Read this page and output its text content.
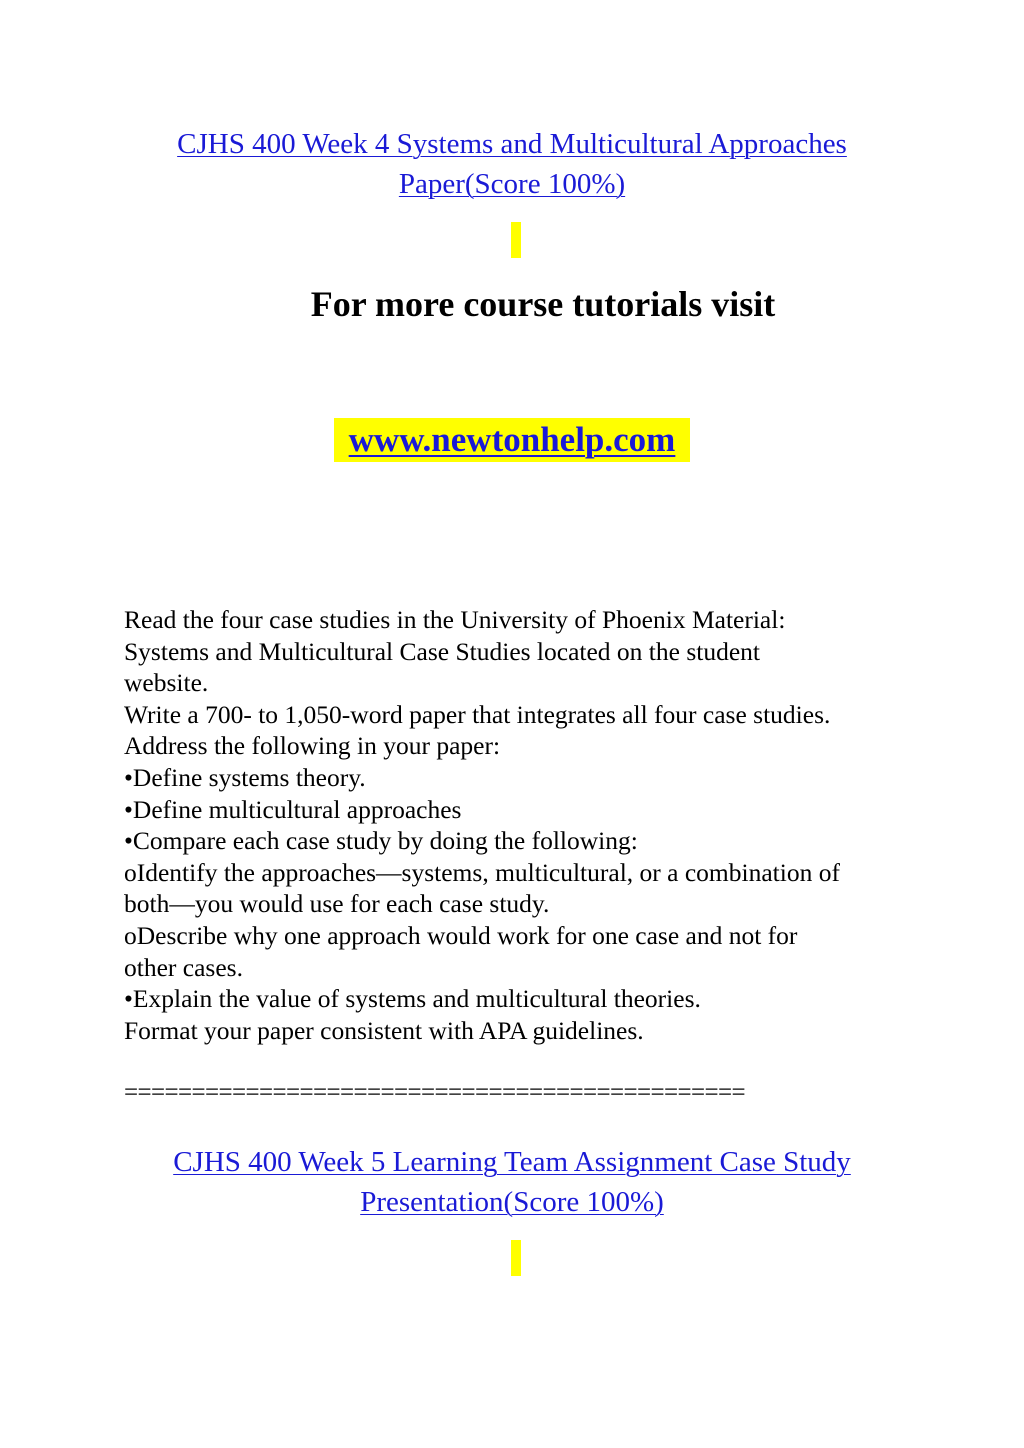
CJHS 400 Week 4 Systems and Multicultural Approaches
Paper(Score 100%)
For more course tutorials visit
www.newtonhelp.com
Read the four case studies in the University of Phoenix Material:
Systems and Multicultural Case Studies located on the student
website.
Write a 700- to 1,050-word paper that integrates all four case studies.
Address the following in your paper:
•Define systems theory.
•Define multicultural approaches
•Compare each case study by doing the following:
oIdentify the approaches—systems, multicultural, or a combination of
both—you would use for each case study.
oDescribe why one approach would work for one case and not for
other cases.
•Explain the value of systems and multicultural theories.
Format your paper consistent with APA guidelines.
==============================================
CJHS 400 Week 5 Learning Team Assignment Case Study
Presentation(Score 100%)
